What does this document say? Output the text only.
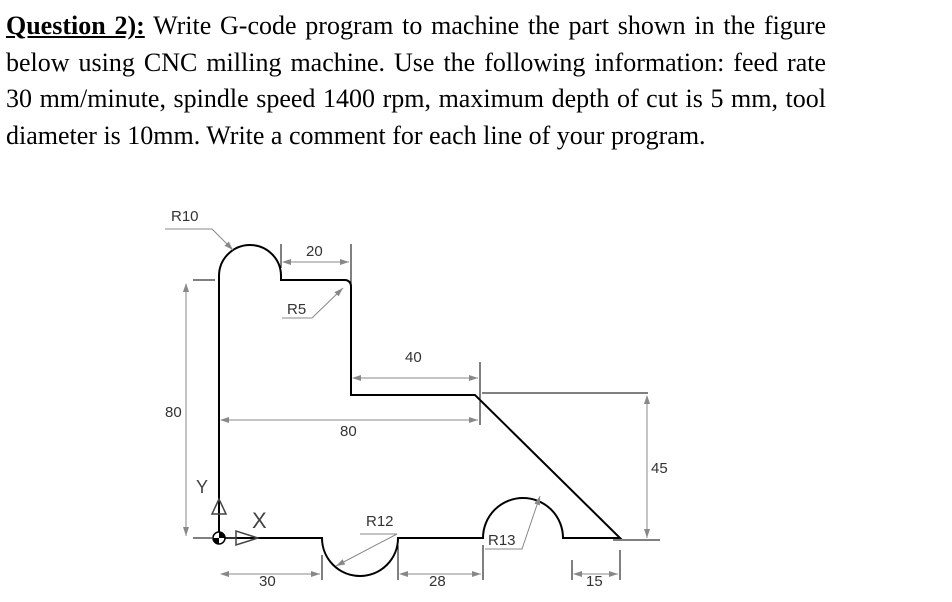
Question 2): Write G-code program to machine the part shown in the figure below using CNC milling machine. Use the following information: feed rate 30 mm/minute, spindle speed 1400 rpm, maximum depth of cut is 5 mm, tool diameter is 10mm. Write a comment for each line of your program.
R10
20
R5
40
80
80
45
R12
R13
30	28	15
Y
X
